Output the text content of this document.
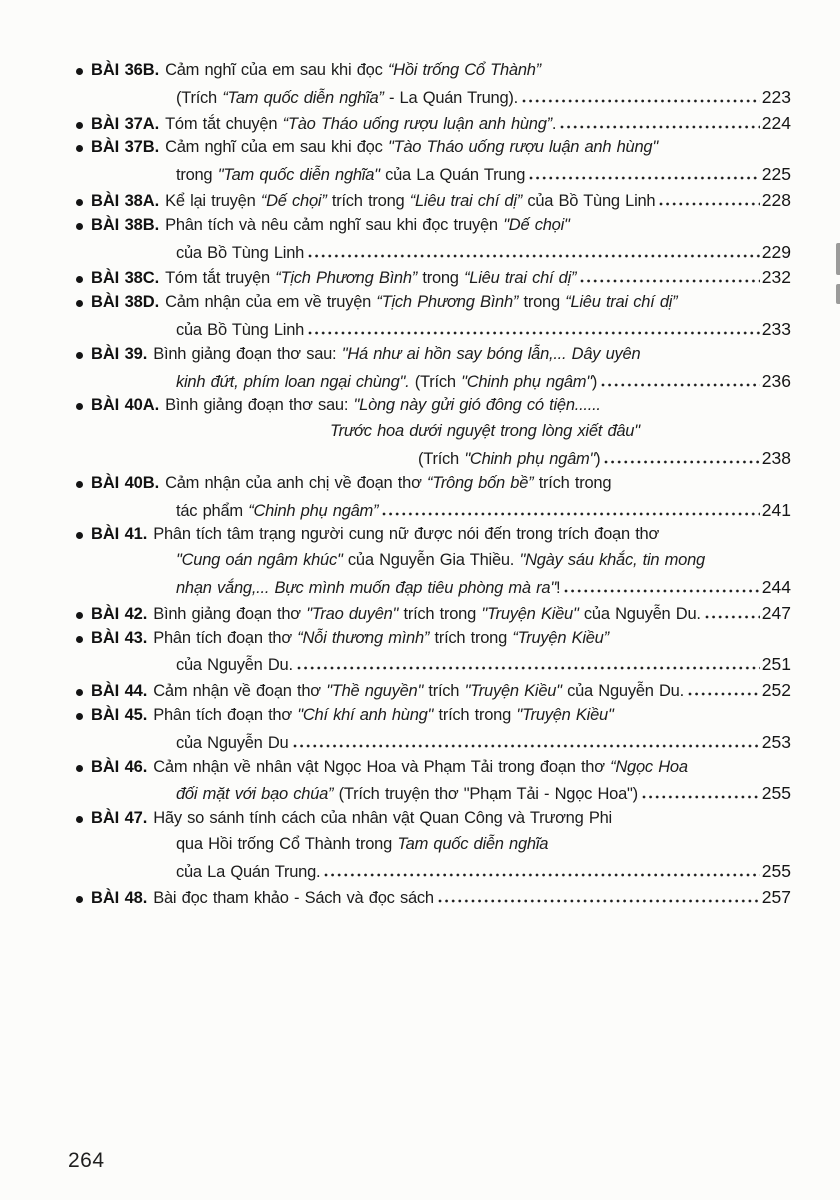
BÀI 36B. Cảm nghĩ của em sau khi đọc “Hồi trống Cổ Thành”
(Trích “Tam quốc diễn nghĩa” - La Quán Trung).	223
BÀI 37A. Tóm tắt chuyện “Tào Tháo uống rượu luận anh hùng”.	224
BÀI 37B. Cảm nghĩ của em sau khi đọc "Tào Tháo uống rượu luận anh hùng"
trong "Tam quốc diễn nghĩa" của La Quán Trung	225
BÀI 38A. Kể lại truyện “Dế chọi” trích trong “Liêu trai chí dị” của Bồ Tùng Linh	228
BÀI 38B. Phân tích và nêu cảm nghĩ sau khi đọc truyện "Dế chọi"
của Bồ Tùng Linh	229
BÀI 38C. Tóm tắt truyện “Tịch Phương Bình” trong “Liêu trai chí dị”	232
BÀI 38D. Cảm nhận của em về truyện “Tịch Phương Bình” trong “Liêu trai chí dị”
của Bồ Tùng Linh	233
BÀI 39. Bình giảng đoạn thơ sau: "Há như ai hồn say bóng lẫn,... Dây uyên
kinh đứt, phím loan ngại chùng". (Trích "Chinh phụ ngâm")	236
BÀI 40A. Bình giảng đoạn thơ sau: "Lòng này gửi gió đông có tiện......
Trước hoa dưới nguyệt trong lòng xiết đâu"
(Trích "Chinh phụ ngâm")	238
BÀI 40B. Cảm nhận của anh chị về đoạn thơ “Trông bốn bề” trích trong
tác phẩm “Chinh phụ ngâm”	241
BÀI 41. Phân tích tâm trạng người cung nữ được nói đến trong trích đoạn thơ
"Cung oán ngâm khúc" của Nguyễn Gia Thiều. "Ngày sáu khắc, tin mong
nhạn vắng,... Bực mình muốn đạp tiêu phòng mà ra"!	244
BÀI 42. Bình giảng đoạn thơ "Trao duyên" trích trong "Truyện Kiều" của Nguyễn Du.	247
BÀI 43. Phân tích đoạn thơ “Nỗi thương mình” trích trong “Truyện Kiều”
của Nguyễn Du.	251
BÀI 44. Cảm nhận về đoạn thơ "Thề nguyền" trích "Truyện Kiều" của Nguyễn Du.	252
BÀI 45. Phân tích đoạn thơ "Chí khí anh hùng" trích trong "Truyện Kiều"
của Nguyễn Du	253
BÀI 46. Cảm nhận về nhân vật Ngọc Hoa và Phạm Tải trong đoạn thơ “Ngọc Hoa
đối mặt với bạo chúa” (Trích truyện thơ "Phạm Tải - Ngọc Hoa")	255
BÀI 47. Hãy so sánh tính cách của nhân vật Quan Công và Trương Phi
qua Hồi trống Cổ Thành trong Tam quốc diễn nghĩa
của La Quán Trung.	255
BÀI 48. Bài đọc tham khảo - Sách và đọc sách	257
264
